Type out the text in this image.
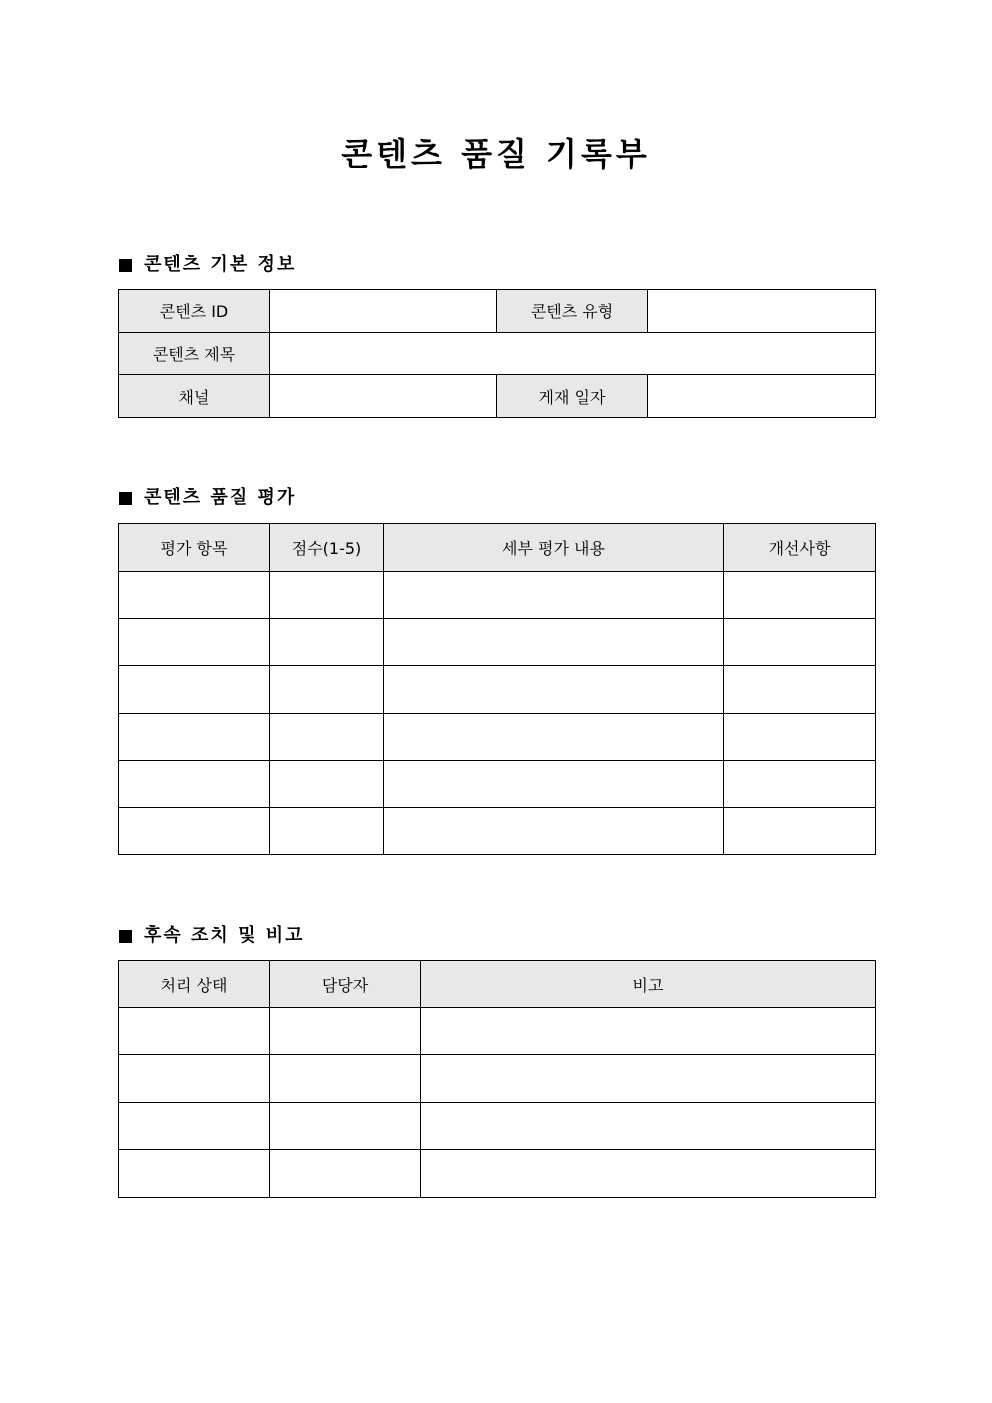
콘텐츠 품질 기록부
콘텐츠 기본 정보
콘텐츠 ID		콘텐츠 유형	
콘텐츠 제목			
채널		게재 일자	
콘텐츠 품질 평가
평가 항목	점수(1-5)	세부 평가 내용	개선사항

후속 조치 및 비고
처리 상태	담당자	비고
